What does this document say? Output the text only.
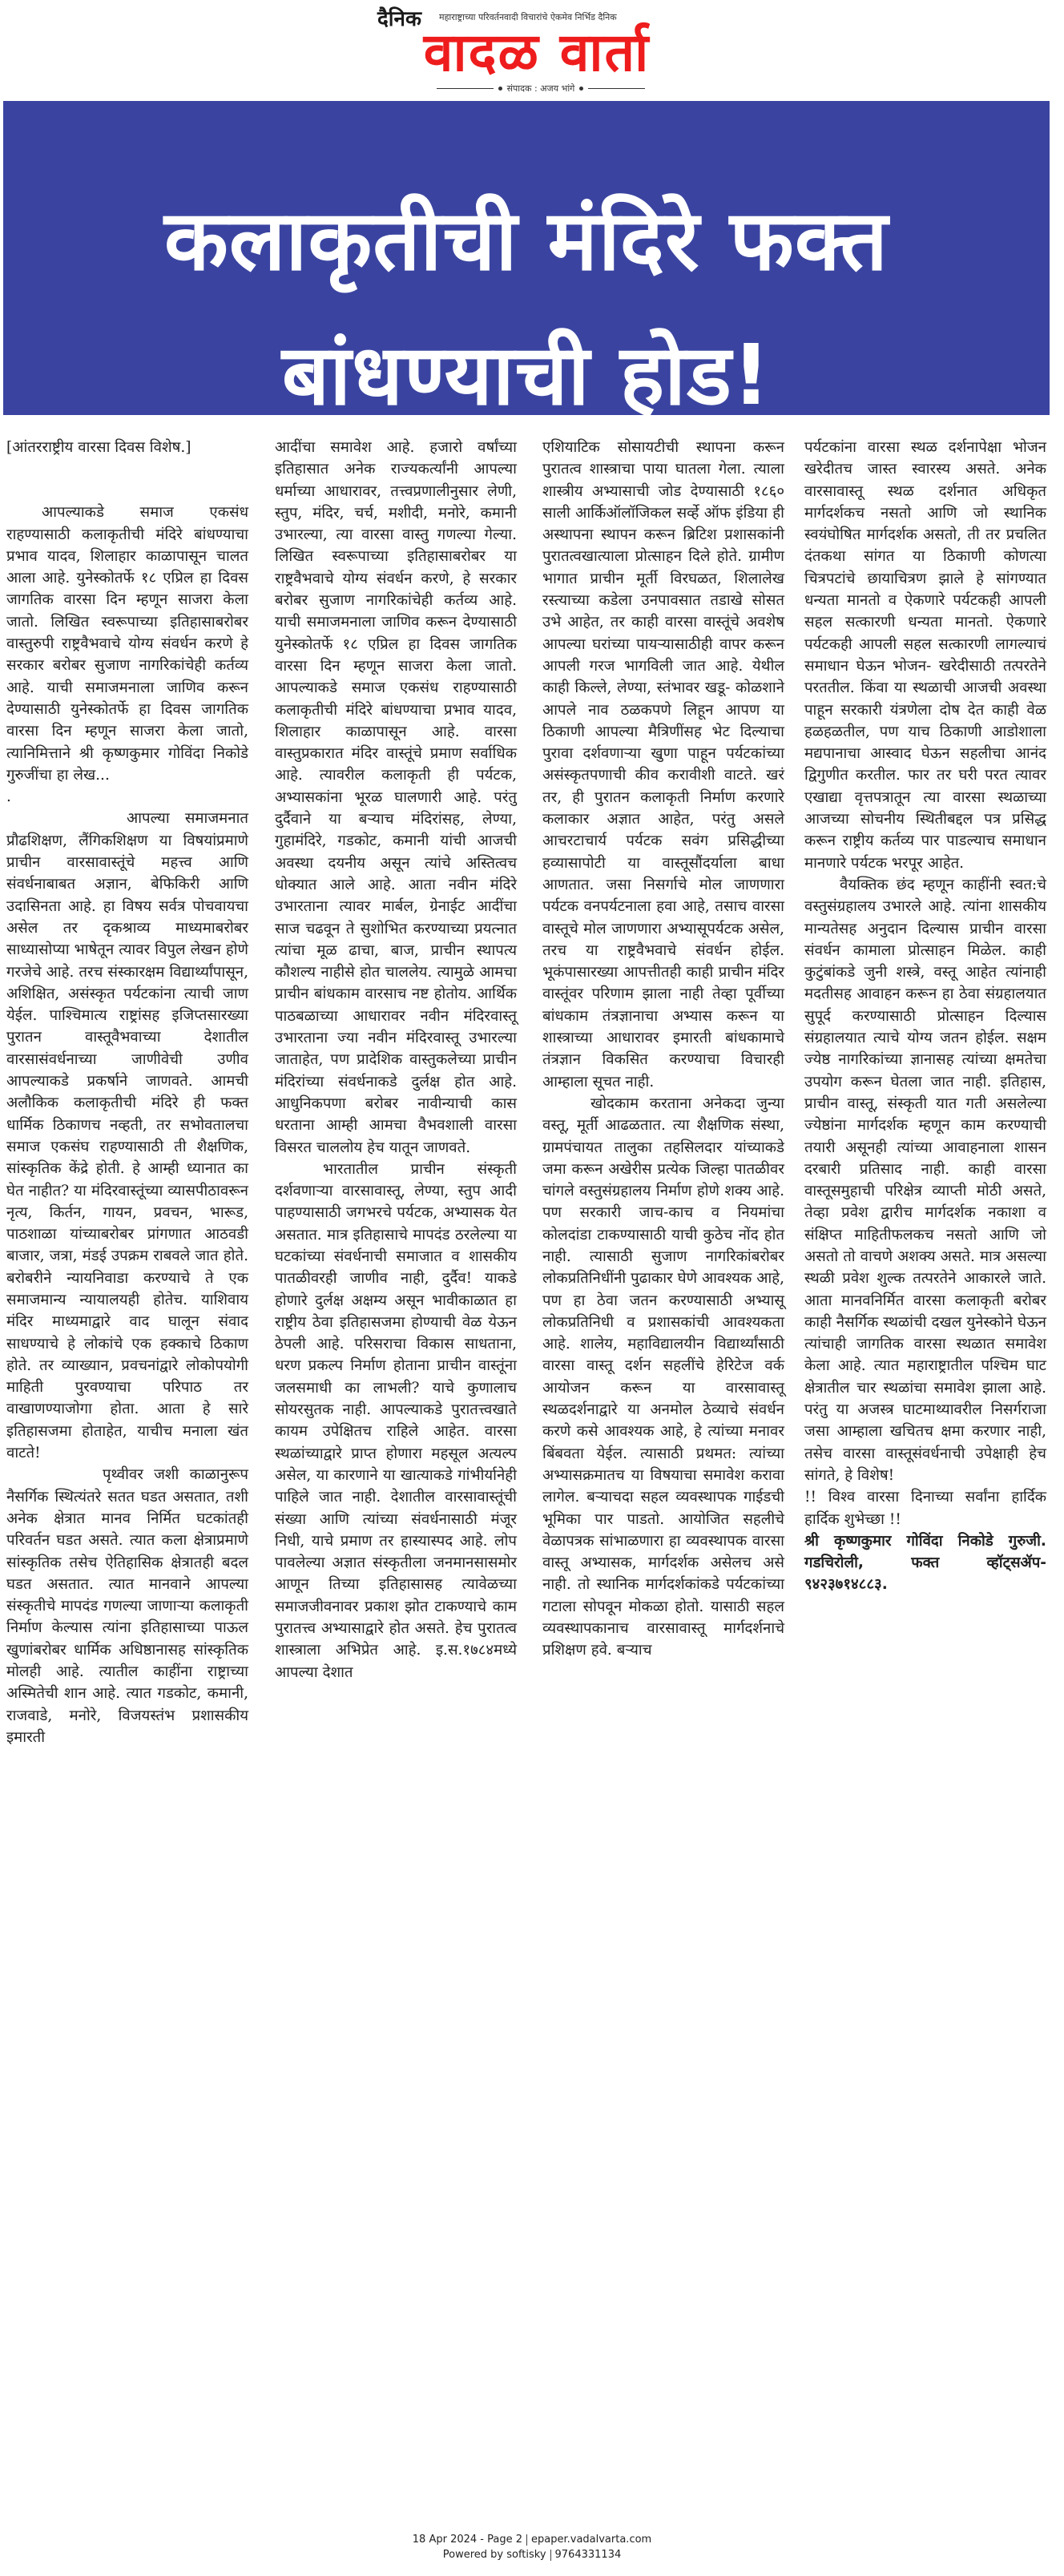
दैनिक महाराष्ट्राच्या परिवर्तनवादी विचारांचे ऐकमेव निर्भिड दैनिक
वादळ वार्ता
संपादक : अजय भांगे
कलाकृतीची मंदिरे फक्त
बांधण्याची होड!

[आंतरराष्ट्रीय वारसा दिवस विशेष.]

आपल्याकडे समाज एकसंध राहण्यासाठी कलाकृतीची मंदिरे बांधण्याचा प्रभाव यादव, शिलाहार काळापासून चालत आला आहे. युनेस्कोतर्फे १८ एप्रिल हा दिवस जागतिक वारसा दिन म्हणून साजरा केला जातो. लिखित स्वरूपाच्या इतिहासाबरोबर वास्तुरुपी राष्ट्रवैभवाचे योग्य संवर्धन करणे हे सरकार बरोबर सुजाण नागरिकांचेही कर्तव्य आहे. याची समाजमनाला जाणिव करून देण्यासाठी युनेस्कोतर्फे हा दिवस जागतिक वारसा दिन म्हणून साजरा केला जातो, त्यानिमित्ताने श्री कृष्णकुमार गोविंदा निकोडे गुरुजींचा हा लेख...

.

आपल्या समाजमनात प्रौढशिक्षण, लैंगिकशिक्षण या विषयांप्रमाणे प्राचीन वारसावास्तूंचे महत्त्व आणि संवर्धनाबाबत अज्ञान, बेफिकिरी आणि उदासिनता आहे. हा विषय सर्वत्र पोचवायचा असेल तर दृकश्राव्य माध्यमाबरोबर साध्यासोप्या भाषेतून त्यावर विपुल लेखन होणे गरजेचे आहे. तरच संस्कारक्षम विद्यार्थ्यांपासून, अशिक्षित, असंस्कृत पर्यटकांना त्याची जाण येईल. पाश्चिमात्य राष्ट्रांसह इजिप्तसारख्या पुरातन वास्तूवैभवाच्या देशातील वारसासंवर्धनाच्या जाणीवेची उणीव आपल्याकडे प्रकर्षाने जाणवते. आमची अलौकिक कलाकृतीची मंदिरे ही फक्त धार्मिक ठिकाणच नव्हती, तर सभोवतालचा समाज एकसंघ राहण्यासाठी ती शैक्षणिक, सांस्कृतिक केंद्रे होती. हे आम्ही ध्यानात का घेत नाहीत? या मंदिरवास्तूंच्या व्यासपीठावरून नृत्य, किर्तन, गायन, प्रवचन, भारूड, पाठशाळा यांच्याबरोबर प्रांगणात आठवडी बाजार, जत्रा, मंडई उपक्रम राबवले जात होते. बरोबरीने न्यायनिवाडा करण्याचे ते एक समाजमान्य न्यायालयही होतेच. याशिवाय मंदिर माध्यमाद्वारे वाद घालून संवाद साधण्याचे हे लोकांचे एक हक्काचे ठिकाण होते. तर व्याख्यान, प्रवचनांद्वारे लोकोपयोगी माहिती पुरवण्याचा परिपाठ तर वाखाणण्याजोगा होता. आता हे सारे इतिहासजमा होताहेत, याचीच मनाला खंत वाटते!

पृथ्वीवर जशी काळानुरूप नैसर्गिक स्थित्यंतरे सतत घडत असतात, तशी अनेक क्षेत्रात मानव निर्मित घटकांतही परिवर्तन घडत असते. त्यात कला क्षेत्राप्रमाणे सांस्कृतिक तसेच ऐतिहासिक क्षेत्रातही बदल घडत असतात. त्यात मानवाने आपल्या संस्कृतीचे मापदंड गणल्या जाणाऱ्या कलाकृती निर्माण केल्यास त्यांना इतिहासाच्या पाऊल खुणांबरोबर धार्मिक अधिष्ठानासह सांस्कृतिक मोलही आहे. त्यातील काहींना राष्ट्राच्या अस्मितेची शान आहे. त्यात गडकोट, कमानी, राजवाडे, मनोरे, विजयस्तंभ प्रशासकीय इमारती

आदींचा समावेश आहे. हजारो वर्षांच्या इतिहासात अनेक राज्यकर्त्यांनी आपल्या धर्माच्या आधारावर, तत्त्वप्रणालीनुसार लेणी, स्तुप, मंदिर, चर्च, मशीदी, मनोरे, कमानी उभारल्या, त्या वारसा वास्तु गणल्या गेल्या. लिखित स्वरूपाच्या इतिहासाबरोबर या राष्ट्रवैभवाचे योग्य संवर्धन करणे, हे सरकार बरोबर सुजाण नागरिकांचेही कर्तव्य आहे. याची समाजमनाला जाणिव करून देण्यासाठी युनेस्कोतर्फे १८ एप्रिल हा दिवस जागतिक वारसा दिन म्हणून साजरा केला जातो. आपल्याकडे समाज एकसंध राहण्यासाठी कलाकृतीची मंदिरे बांधण्याचा प्रभाव यादव, शिलाहार काळापासून आहे. वारसा वास्तुप्रकारात मंदिर वास्तूंचे प्रमाण सर्वाधिक आहे. त्यावरील कलाकृती ही पर्यटक, अभ्यासकांना भूरळ घालणारी आहे. परंतु दुर्दैवाने या बऱ्याच मंदिरांसह, लेण्या, गुहामंदिरे, गडकोट, कमानी यांची आजची अवस्था दयनीय असून त्यांचे अस्तित्वच धोक्यात आले आहे. आता नवीन मंदिरे उभारताना त्यावर मार्बल, ग्रेनाईट आदींचा साज चढवून ते सुशोभित करण्याच्या प्रयत्नात त्यांचा मूळ ढाचा, बाज, प्राचीन स्थापत्य कौशल्य नाहीसे होत चाललेय. त्यामुळे आमचा प्राचीन बांधकाम वारसाच नष्ट होतोय. आर्थिक पाठबळाच्या आधारावर नवीन मंदिरवास्तू उभारताना ज्या नवीन मंदिरवास्तू उभारल्या जाताहेत, पण प्रादेशिक वास्तुकलेच्या प्राचीन मंदिरांच्या संवर्धनाकडे दुर्लक्ष होत आहे. आधुनिकपणा बरोबर नावीन्याची कास धरताना आम्ही आमचा वैभवशाली वारसा विसरत चाललोय हेच यातून जाणवते.

भारतातील प्राचीन संस्कृती दर्शवणाऱ्या वारसावास्तू, लेण्या, स्तुप आदी पाहण्यासाठी जगभरचे पर्यटक, अभ्यासक येत असतात. मात्र इतिहासाचे मापदंड ठरलेल्या या घटकांच्या संवर्धनाची समाजात व शासकीय पातळीवरही जाणीव नाही, दुर्दैव! याकडे होणारे दुर्लक्ष अक्षम्य असून भावीकाळात हा राष्ट्रीय ठेवा इतिहासजमा होण्याची वेळ येऊन ठेपली आहे. परिसराचा विकास साधताना, धरण प्रकल्प निर्माण होताना प्राचीन वास्तूंना जलसमाधी का लाभली? याचे कुणालाच सोयरसुतक नाही. आपल्याकडे पुरातत्त्वखाते कायम उपेक्षितच राहिले आहेत. वारसा स्थळांच्याद्वारे प्राप्त होणारा महसूल अत्यल्प असेल, या कारणाने या खात्याकडे गांभीर्यानेही पाहिले जात नाही. देशातील वारसावास्तूंची संख्या आणि त्यांच्या संवर्धनासाठी मंजूर निधी, याचे प्रमाण तर हास्यास्पद आहे. लोप पावलेल्या अज्ञात संस्कृतीला जनमानसासमोर आणून तिच्या इतिहासासह त्यावेळच्या समाजजीवनावर प्रकाश झोत टाकण्याचे काम पुरातत्त्व अभ्यासाद्वारे होत असते. हेच पुरातत्व शास्त्राला अभिप्रेत आहे. इ.स.१७८४मध्ये आपल्या देशात

एशियाटिक सोसायटीची स्थापना करून पुरातत्व शास्त्राचा पाया घातला गेला. त्याला शास्त्रीय अभ्यासाची जोड देण्यासाठी १८६० साली आर्किऑलॉजिकल सर्व्हे ऑफ इंडिया ही अस्थापना स्थापन करून ब्रिटिश प्रशासकांनी पुरातत्वखात्याला प्रोत्साहन दिले होते. ग्रामीण भागात प्राचीन मूर्ती विरघळत, शिलालेख रस्त्याच्या कडेला उनपावसात तडाखे सोसत उभे आहेत, तर काही वारसा वास्तूंचे अवशेष आपल्या घरांच्या पायऱ्यासाठीही वापर करून आपली गरज भागविली जात आहे. येथील काही किल्ले, लेण्या, स्तंभावर खडू- कोळशाने आपले नाव ठळकपणे लिहून आपण या ठिकाणी आपल्या मैत्रिणींसह भेट दिल्याचा पुरावा दर्शवणाऱ्या खुणा पाहून पर्यटकांच्या असंस्कृतपणाची कीव करावीशी वाटते. खरं तर, ही पुरातन कलाकृती निर्माण करणारे कलाकार अज्ञात आहेत, परंतु असले आचरटाचार्य पर्यटक सवंग प्रसिद्धीच्या हव्यासापोटी या वास्तूसौंदर्याला बाधा आणतात. जसा निसर्गाचे मोल जाणणारा पर्यटक वनपर्यटनाला हवा आहे, तसाच वारसा वास्तूचे मोल जाणणारा अभ्यासूपर्यटक असेल, तरच या राष्ट्रवैभवाचे संवर्धन होईल. भूकंपासारख्या आपत्तीतही काही प्राचीन मंदिर वास्तूंवर परिणाम झाला नाही तेव्हा पूर्वीच्या बांधकाम तंत्रज्ञानाचा अभ्यास करून या शास्त्राच्या आधारावर इमारती बांधकामाचे तंत्रज्ञान विकसित करण्याचा विचारही आम्हाला सूचत नाही.

खोदकाम करताना अनेकदा जुन्या वस्तू, मूर्ती आढळतात. त्या शैक्षणिक संस्था, ग्रामपंचायत तालुका तहसिलदार यांच्याकडे जमा करून अखेरीस प्रत्येक जिल्हा पातळीवर चांगले वस्तुसंग्रहालय निर्माण होणे शक्य आहे. पण सरकारी जाच-काच व नियमांचा कोलदांडा टाकण्यासाठी याची कुठेच नोंद होत नाही. त्यासाठी सुजाण नागरिकांबरोबर लोकप्रतिनिधींनी पुढाकार घेणे आवश्यक आहे, पण हा ठेवा जतन करण्यासाठी अभ्यासू लोकप्रतिनिधी व प्रशासकांची आवश्यकता आहे. शालेय, महाविद्यालयीन विद्यार्थ्यांसाठी वारसा वास्तू दर्शन सहलींचे हेरिटेज वर्क आयोजन करून या वारसावास्तू स्थळदर्शनाद्वारे या अनमोल ठेव्याचे संवर्धन करणे कसे आवश्यक आहे, हे त्यांच्या मनावर बिंबवता येईल. त्यासाठी प्रथमत: त्यांच्या अभ्यासक्रमातच या विषयाचा समावेश करावा लागेल. बऱ्याचदा सहल व्यवस्थापक गाईडची भूमिका पार पाडतो. आयोजित सहलीचे वेळापत्रक सांभाळणारा हा व्यवस्थापक वारसा वास्तू अभ्यासक, मार्गदर्शक असेलच असे नाही. तो स्थानिक मार्गदर्शकांकडे पर्यटकांच्या गटाला सोपवून मोकळा होतो. यासाठी सहल व्यवस्थापकानाच वारसावास्तू मार्गदर्शनाचे प्रशिक्षण हवे. बऱ्याच

पर्यटकांना वारसा स्थळ दर्शनापेक्षा भोजन खरेदीतच जास्त स्वारस्य असते. अनेक वारसावास्तू स्थळ दर्शनात अधिकृत मार्गदर्शकच नसतो आणि जो स्थानिक स्वयंघोषित मार्गदर्शक असतो, ती तर प्रचलित दंतकथा सांगत या ठिकाणी कोणत्या चित्रपटांचे छायाचित्रण झाले हे सांगण्यात धन्यता मानतो व ऐकणारे पर्यटकही आपली सहल सत्कारणी धन्यता मानतो. ऐकणारे पर्यटकही आपली सहल सत्कारणी लागल्याचं समाधान घेऊन भोजन- खरेदीसाठी तत्परतेने परततील. किंवा या स्थळाची आजची अवस्था पाहून सरकारी यंत्रणेला दोष देत काही वेळ हळहळतील, पण याच ठिकाणी आडोशाला मद्यपानाचा आस्वाद घेऊन सहलीचा आनंद द्विगुणीत करतील. फार तर घरी परत त्यावर एखाद्या वृत्तपत्रातून त्या वारसा स्थळाच्या आजच्या सोचनीय स्थितीबद्दल पत्र प्रसिद्ध करून राष्ट्रीय कर्तव्य पार पाडल्याच समाधान मानणारे पर्यटक भरपूर आहेत.

वैयक्तिक छंद म्हणून काहींनी स्वत:चे वस्तुसंग्रहालय उभारले आहे. त्यांना शासकीय मान्यतेसह अनुदान दिल्यास प्राचीन वारसा संवर्धन कामाला प्रोत्साहन मिळेल. काही कुटुंबांकडे जुनी शस्त्रे, वस्तू आहेत त्यांनाही मदतीसह आवाहन करून हा ठेवा संग्रहालयात सुपूर्द करण्यासाठी प्रोत्साहन दिल्यास संग्रहालयात त्याचे योग्य जतन होईल. सक्षम ज्येष्ठ नागरिकांच्या ज्ञानासह त्यांच्या क्षमतेचा उपयोग करून घेतला जात नाही. इतिहास, प्राचीन वास्तू, संस्कृती यात गती असलेल्या ज्येष्ठांना मार्गदर्शक म्हणून काम करण्याची तयारी असूनही त्यांच्या आवाहनाला शासन दरबारी प्रतिसाद नाही. काही वारसा वास्तूसमुहाची परिक्षेत्र व्याप्ती मोठी असते, तेव्हा प्रवेश द्वारीच मार्गदर्शक नकाशा व संक्षिप्त माहितीफलकच नसतो आणि जो असतो तो वाचणे अशक्य असते. मात्र असल्या स्थळी प्रवेश शुल्क तत्परतेने आकारले जाते. आता मानवनिर्मित वारसा कलाकृती बरोबर काही नैसर्गिक स्थळांची दखल युनेस्कोने घेऊन त्यांचाही जागतिक वारसा स्थळात समावेश केला आहे. त्यात महाराष्ट्रातील पश्चिम घाट क्षेत्रातील चार स्थळांचा समावेश झाला आहे. परंतु या अजस्त्र घाटमाथ्यावरील निसर्गराजा जसा आम्हाला खचितच क्षमा करणार नाही, तसेच वारसा वास्तूसंवर्धनाची उपेक्षाही हेच सांगते, हे विशेष!

!! विश्व वारसा दिनाच्या सर्वांना हार्दिक हार्दिक शुभेच्छा !!

श्री कृष्णकुमार गोविंदा निकोडे गुरुजी. गडचिरोली, फक्त व्हॉट्सॲप- ९४२३७१४८८३.

18 Apr 2024 - Page 2 epaper.vadalvarta.com
Powered by softisky 9764331134
